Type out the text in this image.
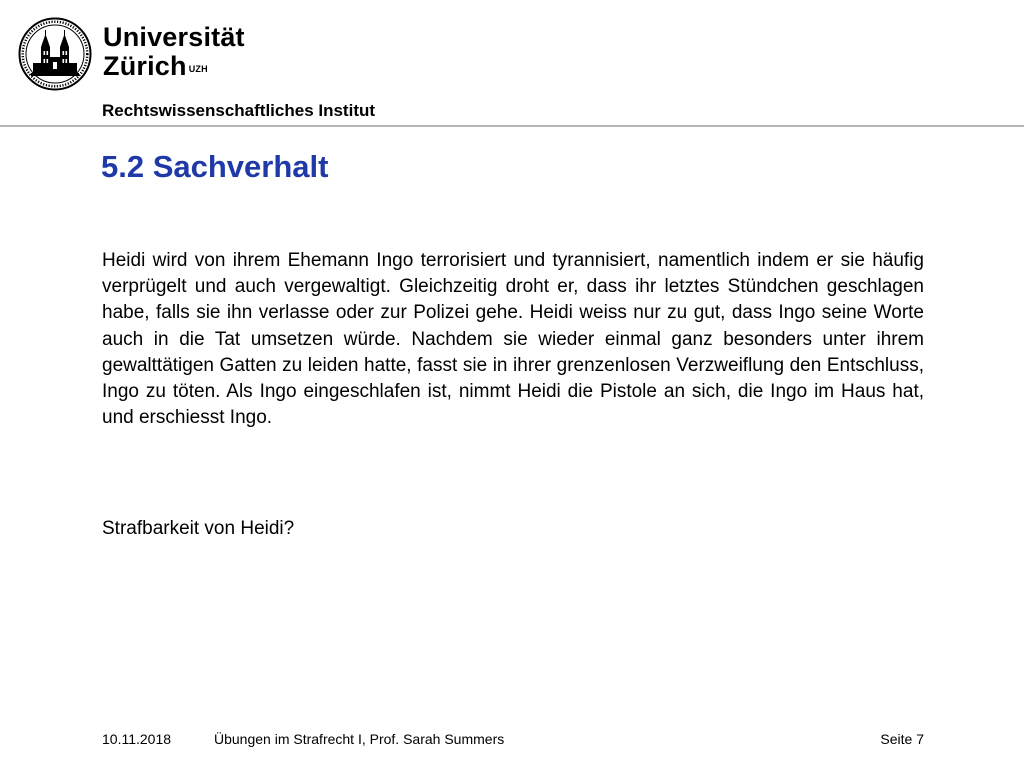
Universität
Zürich $^{UZH}$
Rechtswissenschaftliches Institut
5.2 Sachverhalt
Heidi wird von ihrem Ehemann Ingo terrorisiert und tyrannisiert, namentlich indem er sie häufig verprügelt und auch vergewaltigt. Gleichzeitig droht er, dass ihr letztes Stündchen geschlagen habe, falls sie ihn verlasse oder zur Polizei gehe. Heidi weiss nur zu gut, dass Ingo seine Worte auch in die Tat umsetzen würde. Nachdem sie wieder einmal ganz besonders unter ihrem gewalttätigen Gatten zu leiden hatte, fasst sie in ihrer grenzenlosen Verzweiflung den Entschluss, Ingo zu töten. Als Ingo eingeschlafen ist, nimmt Heidi die Pistole an sich, die Ingo im Haus hat, und erschiesst Ingo.
Strafbarkeit von Heidi?
10.11.2018	Übungen im Strafrecht I, Prof. Sarah Summers	Seite 7
